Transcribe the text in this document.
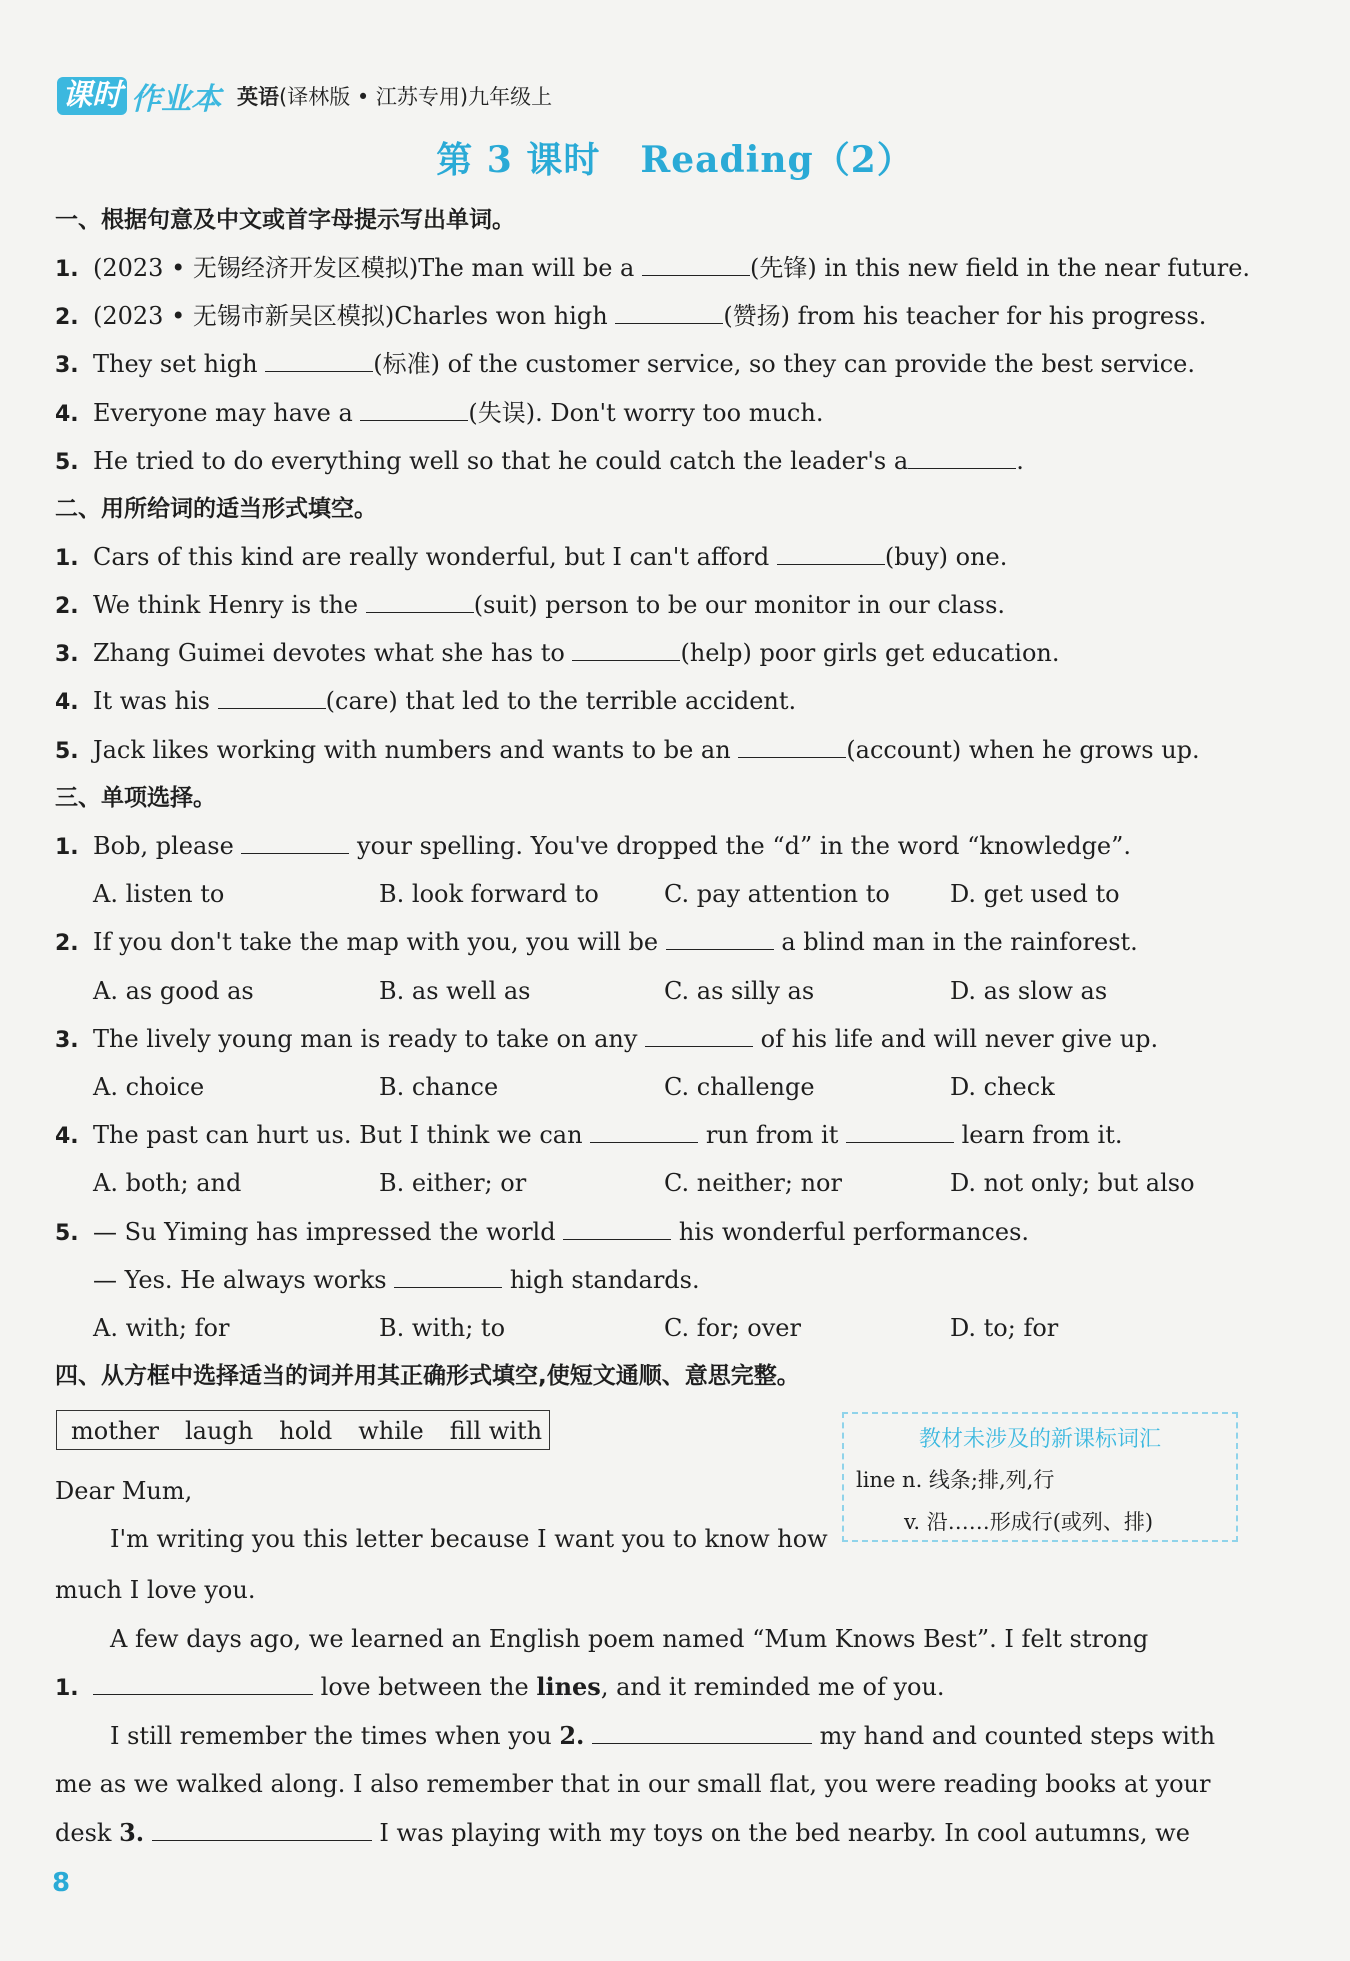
课时 作业本 英语(译林版 • 江苏专用)九年级上
第 3 课时 Reading（2）
一、根据句意及中文或首字母提示写出单词。
1. (2023 • 无锡经济开发区模拟)The man will be a	(先锋) in this new field in the near future.
2. (2023 • 无锡市新吴区模拟)Charles won high	(赞扬) from his teacher for his progress.
3. They set high	(标准) of the customer service, so they can provide the best service.
4. Everyone may have a	(失误). Don't worry too much.
5. He tried to do everything well so that he could catch the leader's a	.
二、用所给词的适当形式填空。
1. Cars of this kind are really wonderful, but I can't afford	(buy) one.
2. We think Henry is the	(suit) person to be our monitor in our class.
3. Zhang Guimei devotes what she has to	(help) poor girls get education.
4. It was his	(care) that led to the terrible accident.
5. Jack likes working with numbers and wants to be an	(account) when he grows up.
三、单项选择。
1. Bob, please	your spelling. You've dropped the “d” in the word “knowledge”.
A. listen to	B. look forward to	C. pay attention to	D. get used to
2. If you don't take the map with you, you will be	a blind man in the rainforest.
A. as good as	B. as well as	C. as silly as	D. as slow as
3. The lively young man is ready to take on any	of his life and will never give up.
A. choice	B. chance	C. challenge	D. check
4. The past can hurt us. But I think we can	run from it	learn from it.
A. both; and	B. either; or	C. neither; nor	D. not only; but also
5. — Su Yiming has impressed the world	his wonderful performances.
— Yes. He always works	high standards.
A. with; for	B. with; to	C. for; over	D. to; for
四、从方框中选择适当的词并用其正确形式填空,使短文通顺、意思完整。
mother laugh hold while fill with	教材未涉及的新课标词汇
line n. 线条;排,列,行
v. 沿……形成行(或列、排)
Dear Mum,
I'm writing you this letter because I want you to know how
much I love you.
A few days ago, we learned an English poem named “Mum Knows Best”. I felt strong
1.	love between the lines, and it reminded me of you.
I still remember the times when you 2.	my hand and counted steps with
me as we walked along. I also remember that in our small flat, you were reading books at your
desk 3.	I was playing with my toys on the bed nearby. In cool autumns, we
8
